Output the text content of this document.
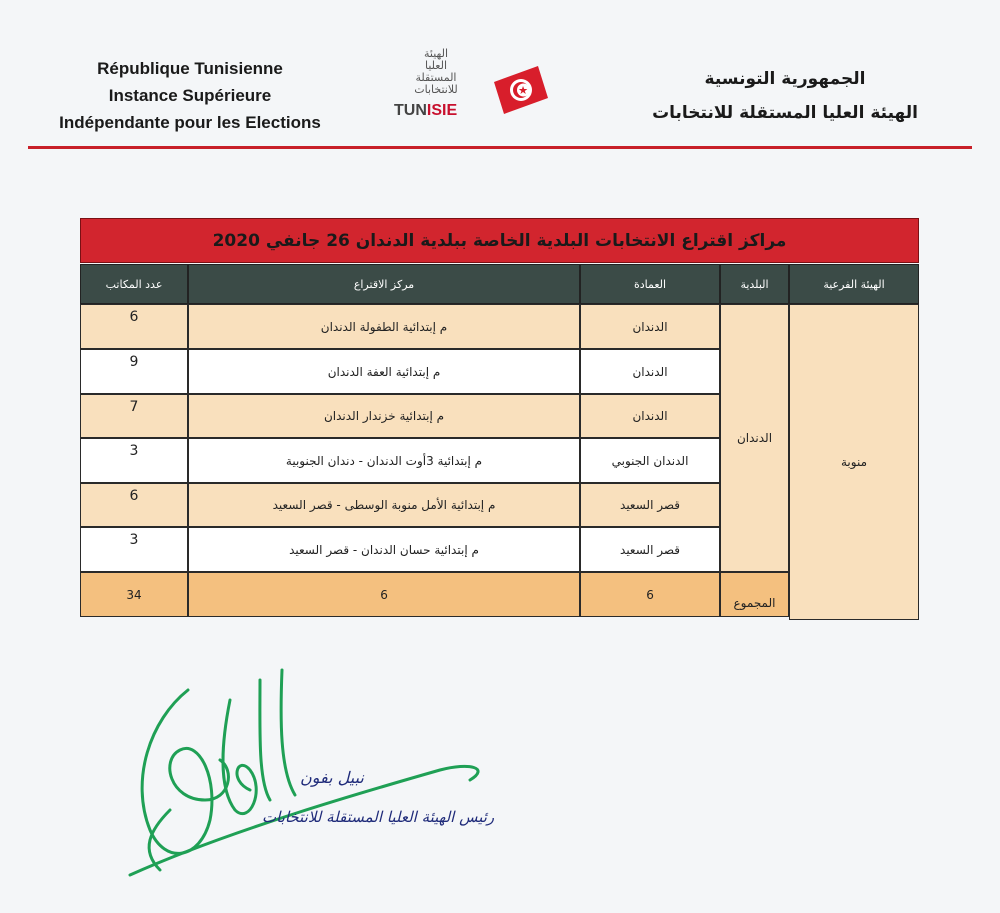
République Tunisienne
Instance Supérieure
Indépendante pour les Elections
الهيئة
العليا
المستقلة
للانتخابات
TUNISIE
الجمهورية التونسية
الهيئة العليا المستقلة للانتخابات
مراكز اقتراع الانتخابات البلدية الخاصة ببلدية الدندان 26 جانفي 2020
الهيئة الفرعية
البلدية
العمادة
مركز الاقتراع
عدد المكاتب
منوبة
الدندان
الدندان
م إبتدائية الطفولة الدندان
6
الدندان
م إبتدائية العفة الدندان
9
الدندان
م إبتدائية خزندار الدندان
7
الدندان الجنوبي
م إبتدائية 3أوت الدندان - دندان الجنوبية
3
قصر السعيد
م إبتدائية الأمل منوبة الوسطى - قصر السعيد
6
قصر السعيد
م إبتدائية حسان الدندان - قصر السعيد
3
المجموع
6
6
34
نبيل بفون
رئيس الهيئة العليا المستقلة للانتخابات
